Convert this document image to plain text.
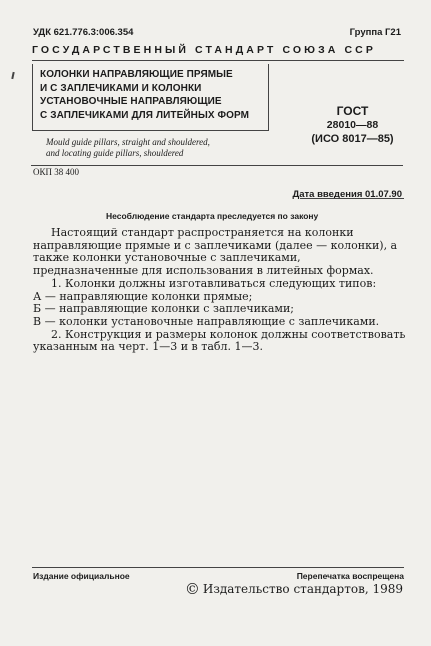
УДК 621.776.3:006.354	Группа Г21
ГОСУДАРСТВЕННЫЙ СТАНДАРТ СОЮЗА ССР
КОЛОНКИ НАПРАВЛЯЮЩИЕ ПРЯМЫЕ
И С ЗАПЛЕЧИКАМИ И КОЛОНКИ
УСТАНОВОЧНЫЕ НАПРАВЛЯЮЩИЕ
С ЗАПЛЕЧИКАМИ ДЛЯ ЛИТЕЙНЫХ ФОРМ
Mould guide pillars, straight and shouldered,
and locating guide pillars, shouldered
ГОСТ
28010—88
(ИСО 8017—85)
ОКП 38 400
Дата введения 01.07.90
Несоблюдение стандарта преследуется по закону

Настоящий стандарт распространяется на колонки направляющие прямые и с заплечиками (далее — колонки), а также колонки установочные с заплечиками, предназначенные для использования в литейных формах.

1. Колонки должны изготавливаться следующих типов:

А — направляющие колонки прямые;

Б — направляющие колонки с заплечиками;

В — колонки установочные направляющие с заплечиками.

2. Конструкция и размеры колонок должны соответствовать указанным на черт. 1—3 и в табл. 1—3.

Издание официальное	Перепечатка воспрещена
© Издательство стандартов, 1989
